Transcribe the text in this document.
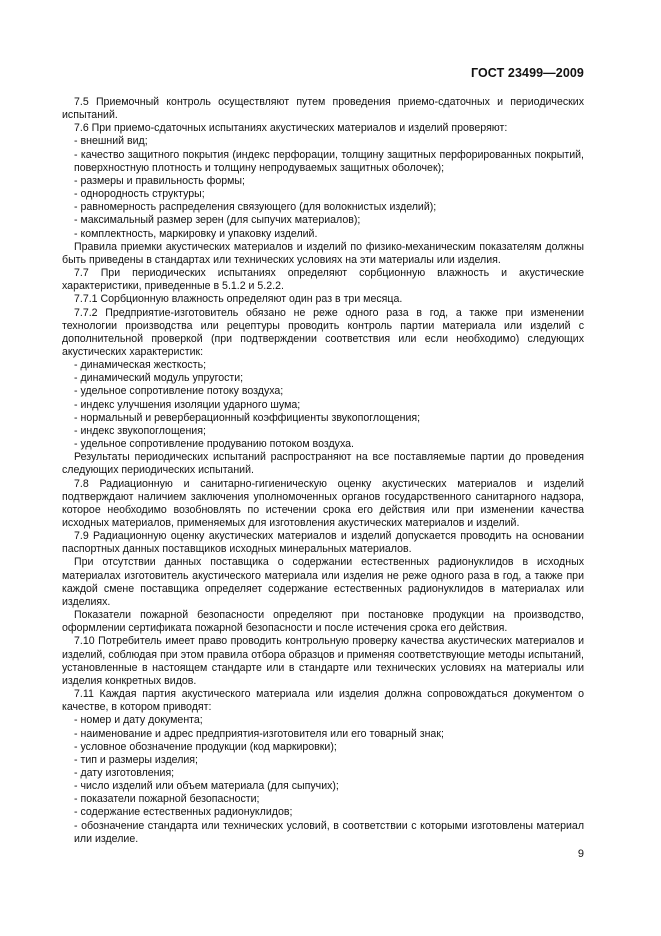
ГОСТ 23499—2009

7.5 Приемочный контроль осуществляют путем проведения приемо-сдаточных и периодических испытаний.

7.6 При приемо-сдаточных испытаниях акустических материалов и изделий проверяют:

- внешний вид;

- качество защитного покрытия (индекс перфорации, толщину защитных перфорированных покрытий, поверхностную плотность и толщину непродуваемых защитных оболочек);

- размеры и правильность формы;

- однородность структуры;

- равномерность распределения связующего (для волокнистых изделий);

- максимальный размер зерен (для сыпучих материалов);

- комплектность, маркировку и упаковку изделий.

Правила приемки акустических материалов и изделий по физико-механическим показателям должны быть приведены в стандартах или технических условиях на эти материалы или изделия.

7.7 При периодических испытаниях определяют сорбционную влажность и акустические характеристики, приведенные в 5.1.2 и 5.2.2.

7.7.1 Сорбционную влажность определяют один раз в три месяца.

7.7.2 Предприятие-изготовитель обязано не реже одного раза в год, а также при изменении технологии производства или рецептуры проводить контроль партии материала или изделий с дополнительной проверкой (при подтверждении соответствия или если необходимо) следующих акустических характеристик:

- динамическая жесткость;

- динамический модуль упругости;

- удельное сопротивление потоку воздуха;

- индекс улучшения изоляции ударного шума;

- нормальный и реверберационный коэффициенты звукопоглощения;

- индекс звукопоглощения;

- удельное сопротивление продуванию потоком воздуха.

Результаты периодических испытаний распространяют на все поставляемые партии до проведения следующих периодических испытаний.

7.8 Радиационную и санитарно-гигиеническую оценку акустических материалов и изделий подтверждают наличием заключения уполномоченных органов государственного санитарного надзора, которое необходимо возобновлять по истечении срока его действия или при изменении качества исходных материалов, применяемых для изготовления акустических материалов и изделий.

7.9 Радиационную оценку акустических материалов и изделий допускается проводить на основании паспортных данных поставщиков исходных минеральных материалов.

При отсутствии данных поставщика о содержании естественных радионуклидов в исходных материалах изготовитель акустического материала или изделия не реже одного раза в год, а также при каждой смене поставщика определяет содержание естественных радионуклидов в материалах или изделиях.

Показатели пожарной безопасности определяют при постановке продукции на производство, оформлении сертификата пожарной безопасности и после истечения срока его действия.

7.10 Потребитель имеет право проводить контрольную проверку качества акустических материалов и изделий, соблюдая при этом правила отбора образцов и применяя соответствующие методы испытаний, установленные в настоящем стандарте или в стандарте или технических условиях на материалы или изделия конкретных видов.

7.11 Каждая партия акустического материала или изделия должна сопровождаться документом о качестве, в котором приводят:

- номер и дату документа;

- наименование и адрес предприятия-изготовителя или его товарный знак;

- условное обозначение продукции (код маркировки);

- тип и размеры изделия;

- дату изготовления;

- число изделий или объем материала (для сыпучих);

- показатели пожарной безопасности;

- содержание естественных радионуклидов;

- обозначение стандарта или технических условий, в соответствии с которыми изготовлены материал или изделие.

9
